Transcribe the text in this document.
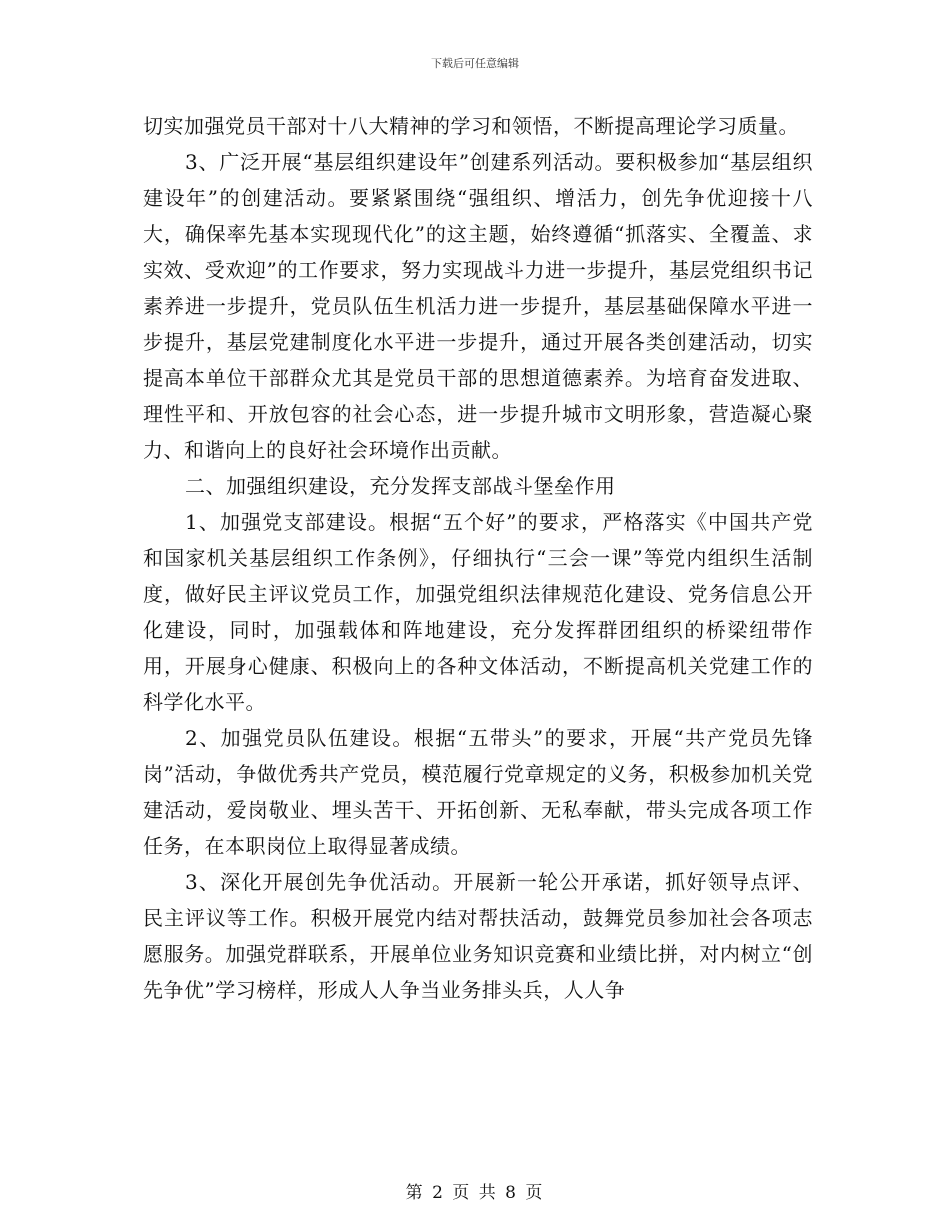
下载后可任意编辑

切实加强党员干部对十八大精神的学习和领悟，不断提高理论学习质量。

3、广泛开展“基层组织建设年”创建系列活动。要积极参加“基层组织建设年”的创建活动。要紧紧围绕“强组织、增活力，创先争优迎接十八大，确保率先基本实现现代化”的这主题，始终遵循“抓落实、全覆盖、求实效、受欢迎”的工作要求，努力实现战斗力进一步提升，基层党组织书记素养进一步提升，党员队伍生机活力进一步提升，基层基础保障水平进一步提升，基层党建制度化水平进一步提升，通过开展各类创建活动，切实提高本单位干部群众尤其是党员干部的思想道德素养。为培育奋发进取、理性平和、开放包容的社会心态，进一步提升城市文明形象，营造凝心聚力、和谐向上的良好社会环境作出贡献。

二、加强组织建设，充分发挥支部战斗堡垒作用

1、加强党支部建设。根据“五个好”的要求，严格落实《中国共产党和国家机关基层组织工作条例》，仔细执行“三会一课”等党内组织生活制度，做好民主评议党员工作，加强党组织法律规范化建设、党务信息公开化建设，同时，加强载体和阵地建设，充分发挥群团组织的桥梁纽带作用，开展身心健康、积极向上的各种文体活动，不断提高机关党建工作的科学化水平。

2、加强党员队伍建设。根据“五带头”的要求，开展“共产党员先锋岗”活动，争做优秀共产党员，模范履行党章规定的义务，积极参加机关党建活动，爱岗敬业、埋头苦干、开拓创新、无私奉献，带头完成各项工作任务，在本职岗位上取得显著成绩。

3、深化开展创先争优活动。开展新一轮公开承诺，抓好领导点评、民主评议等工作。积极开展党内结对帮扶活动，鼓舞党员参加社会各项志愿服务。加强党群联系，开展单位业务知识竞赛和业绩比拼，对内树立“创先争优”学习榜样，形成人人争当业务排头兵，人人争

第 2 页 共 8 页
